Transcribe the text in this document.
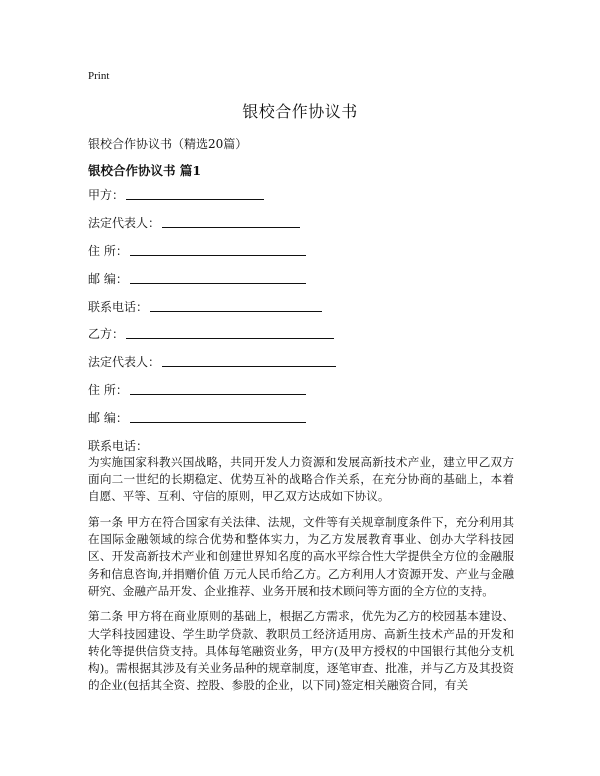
Print
银校合作协议书
银校合作协议书（精选20篇）
银校合作协议书 篇1
甲方：
法定代表人：
住 所：
邮 编：
联系电话：
乙方：
法定代表人：
住 所：
邮 编：
联系电话：

为实施国家科教兴国战略，共同开发人力资源和发展高新技术产业，建立甲乙双方面向二一世纪的长期稳定、优势互补的战略合作关系，在充分协商的基础上，本着自愿、平等、互利、守信的原则，甲乙双方达成如下协议。

第一条 甲方在符合国家有关法律、法规，文件等有关规章制度条件下，充分利用其在国际金融领域的综合优势和整体实力，为乙方发展教育事业、创办大学科技园区、开发高新技术产业和创建世界知名度的高水平综合性大学提供全方位的金融服务和信息咨询,并捐赠价值 万元人民币给乙方。乙方利用人才资源开发、产业与金融研究、金融产品开发、企业推荐、业务开展和技术顾问等方面的全方位的支持。

第二条 甲方将在商业原则的基础上，根据乙方需求，优先为乙方的校园基本建设、大学科技园建设、学生助学贷款、教职员工经济适用房、高新生技术产品的开发和转化等提供信贷支持。具体每笔融资业务，甲方(及甲方授权的中国银行其他分支机构)。需根据其涉及有关业务品种的规章制度，逐笔审查、批准，并与乙方及其投资的企业(包括其全资、控股、参股的企业，以下同)签定相关融资合同，有关
